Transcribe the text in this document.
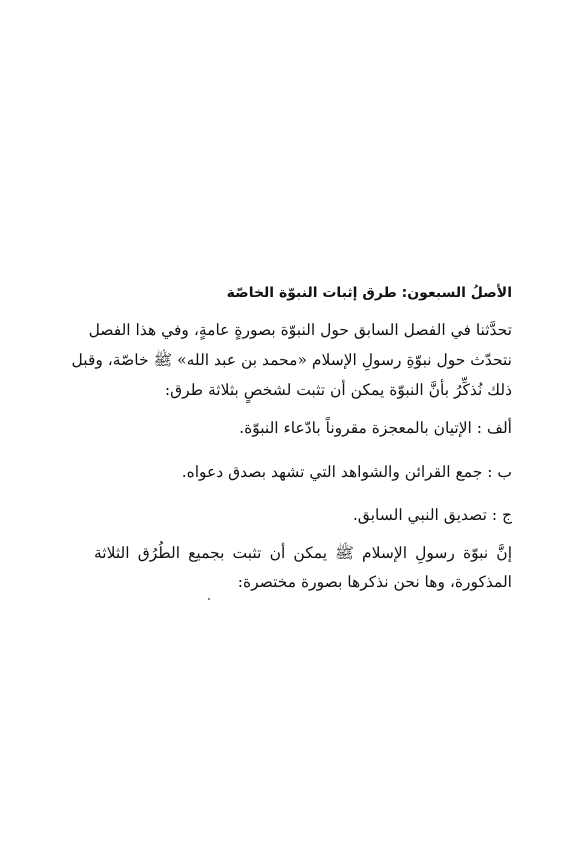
الأصلُ السبعون: طرق إثبات النبوّة الخاصّة
تحدَّثنا في الفصل السابق حول النبوّة بصورةٍ عامةٍ، وفي هذا الفصل
نتحدّث حول نبوّةِ رسولِ الإسلام «محمد بن عبد الله» ﷺ خاصّة، وقبل
ذلك نُذكِّرُ بأنَّ النبوّة يمكن أن تثبت لشخصٍ بثلاثة طرق:
ألف : الإتيان بالمعجزة مقروناً بادّعاء النبوّة.
ب : جمع القرائن والشواهد التي تشهد بصدق دعواه.
ج : تصديق النبي السابق.
إنَّ نبوّة رسولِ الإسلام ﷺ يمكن أن تثبت بجميع الطُرُق الثلاثة
المذكورة، وها نحن نذكرها بصورة مختصرة:
